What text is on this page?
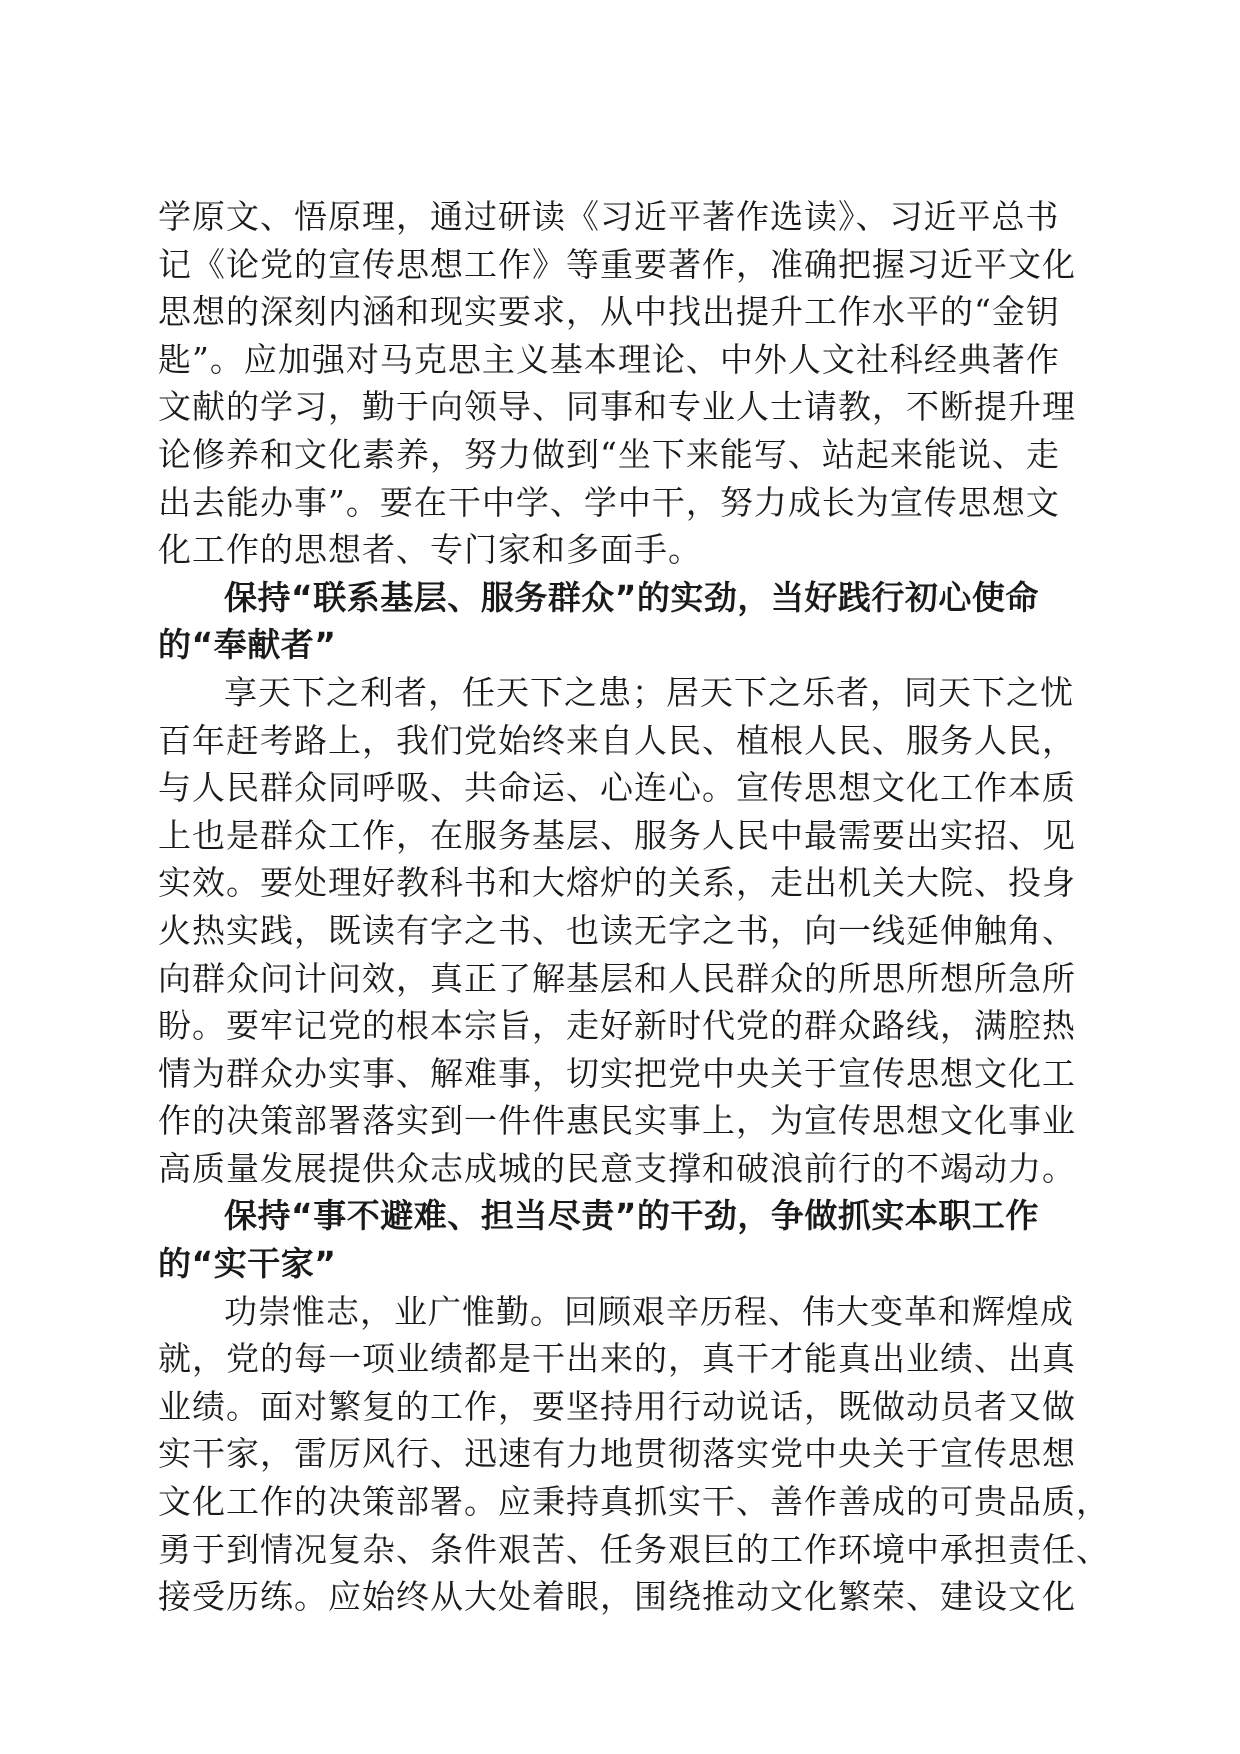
学原文、悟原理，通过研读《习近平著作选读》、习近平总书
记《论党的宣传思想工作》等重要著作，准确把握习近平文化
思想的深刻内涵和现实要求，从中找出提升工作水平的“金钥
匙”。应加强对马克思主义基本理论、中外人文社科经典著作
文献的学习，勤于向领导、同事和专业人士请教，不断提升理
论修养和文化素养，努力做到“坐下来能写、站起来能说、走
出去能办事”。要在干中学、学中干，努力成长为宣传思想文
化工作的思想者、专门家和多面手。
保持“联系基层、服务群众”的实劲，当好践行初心使命
的“奉献者”
享天下之利者，任天下之患；居天下之乐者，同天下之忧
百年赶考路上，我们党始终来自人民、植根人民、服务人民，
与人民群众同呼吸、共命运、心连心。宣传思想文化工作本质
上也是群众工作，在服务基层、服务人民中最需要出实招、见
实效。要处理好教科书和大熔炉的关系，走出机关大院、投身
火热实践，既读有字之书、也读无字之书，向一线延伸触角、
向群众问计问效，真正了解基层和人民群众的所思所想所急所
盼。要牢记党的根本宗旨，走好新时代党的群众路线，满腔热
情为群众办实事、解难事，切实把党中央关于宣传思想文化工
作的决策部署落实到一件件惠民实事上，为宣传思想文化事业
高质量发展提供众志成城的民意支撑和破浪前行的不竭动力。
保持“事不避难、担当尽责”的干劲，争做抓实本职工作
的“实干家”
功崇惟志，业广惟勤。回顾艰辛历程、伟大变革和辉煌成
就，党的每一项业绩都是干出来的，真干才能真出业绩、出真
业绩。面对繁复的工作，要坚持用行动说话，既做动员者又做
实干家，雷厉风行、迅速有力地贯彻落实党中央关于宣传思想
文化工作的决策部署。应秉持真抓实干、善作善成的可贵品质，
勇于到情况复杂、条件艰苦、任务艰巨的工作环境中承担责任、
接受历练。应始终从大处着眼，围绕推动文化繁荣、建设文化
